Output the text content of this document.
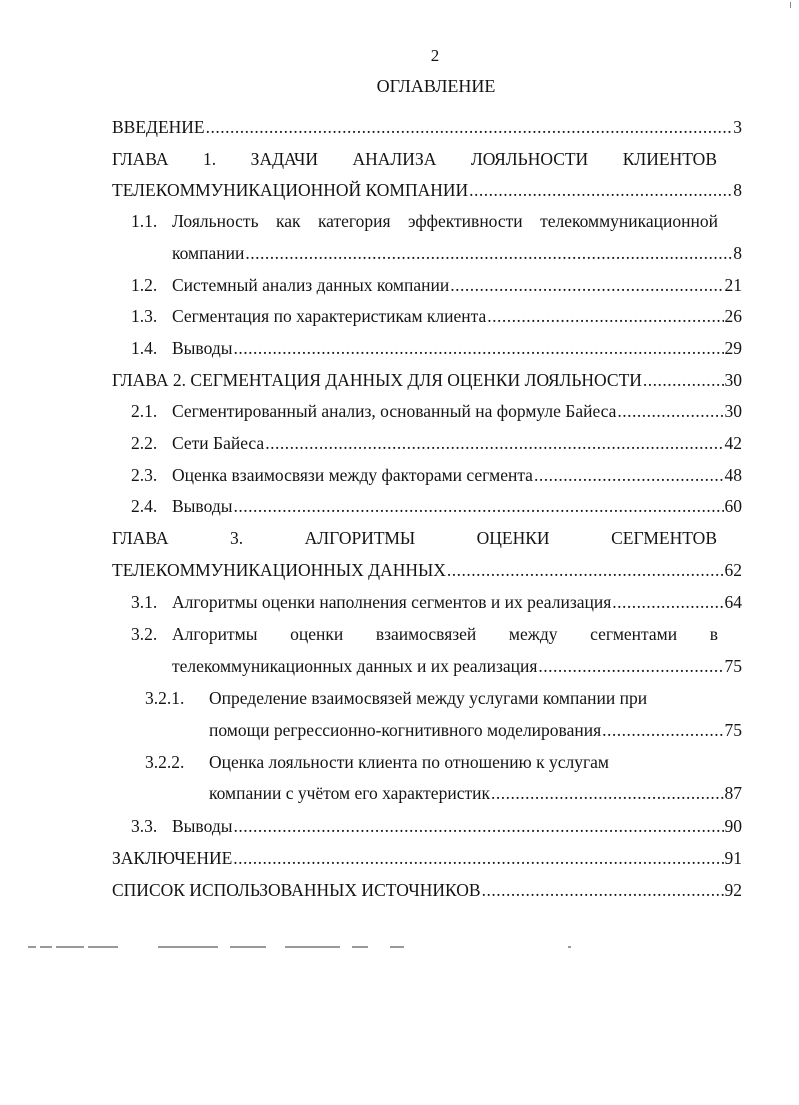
2
ОГЛАВЛЕНИЕ
ВВЕДЕНИЕ .....	3
ГЛАВА 1. ЗАДАЧИ АНАЛИЗА ЛОЯЛЬНОСТИ КЛИЕНТОВ
ТЕЛЕКОММУНИКАЦИОННОЙ КОМПАНИИ .....	8
1.1. Лояльность как категория эффективности телекоммуникационной
компании .....	8
1.2. Системный анализ данных компании .....	21
1.3. Сегментация по характеристикам клиента .....	26
1.4. Выводы .....	29
ГЛАВА 2. СЕГМЕНТАЦИЯ ДАННЫХ ДЛЯ ОЦЕНКИ ЛОЯЛЬНОСТИ .....	30
2.1. Сегментированный анализ, основанный на формуле Байеса .....	30
2.2. Сети Байеса .....	42
2.3. Оценка взаимосвязи между факторами сегмента .....	48
2.4. Выводы .....	60
ГЛАВА 3. АЛГОРИТМЫ ОЦЕНКИ СЕГМЕНТОВ
ТЕЛЕКОММУНИКАЦИОННЫХ ДАННЫХ .....	62
3.1. Алгоритмы оценки наполнения сегментов и их реализация .....	64
3.2. Алгоритмы оценки взаимосвязей между сегментами в
телекоммуникационных данных и их реализация .....	75
3.2.1. Определение взаимосвязей между услугами компании при
помощи регрессионно-когнитивного моделирования .....	75
3.2.2. Оценка лояльности клиента по отношению к услугам
компании с учётом его характеристик .....	87
3.3. Выводы .....	90
ЗАКЛЮЧЕНИЕ .....	91
СПИСОК ИСПОЛЬЗОВАННЫХ ИСТОЧНИКОВ .....	92
